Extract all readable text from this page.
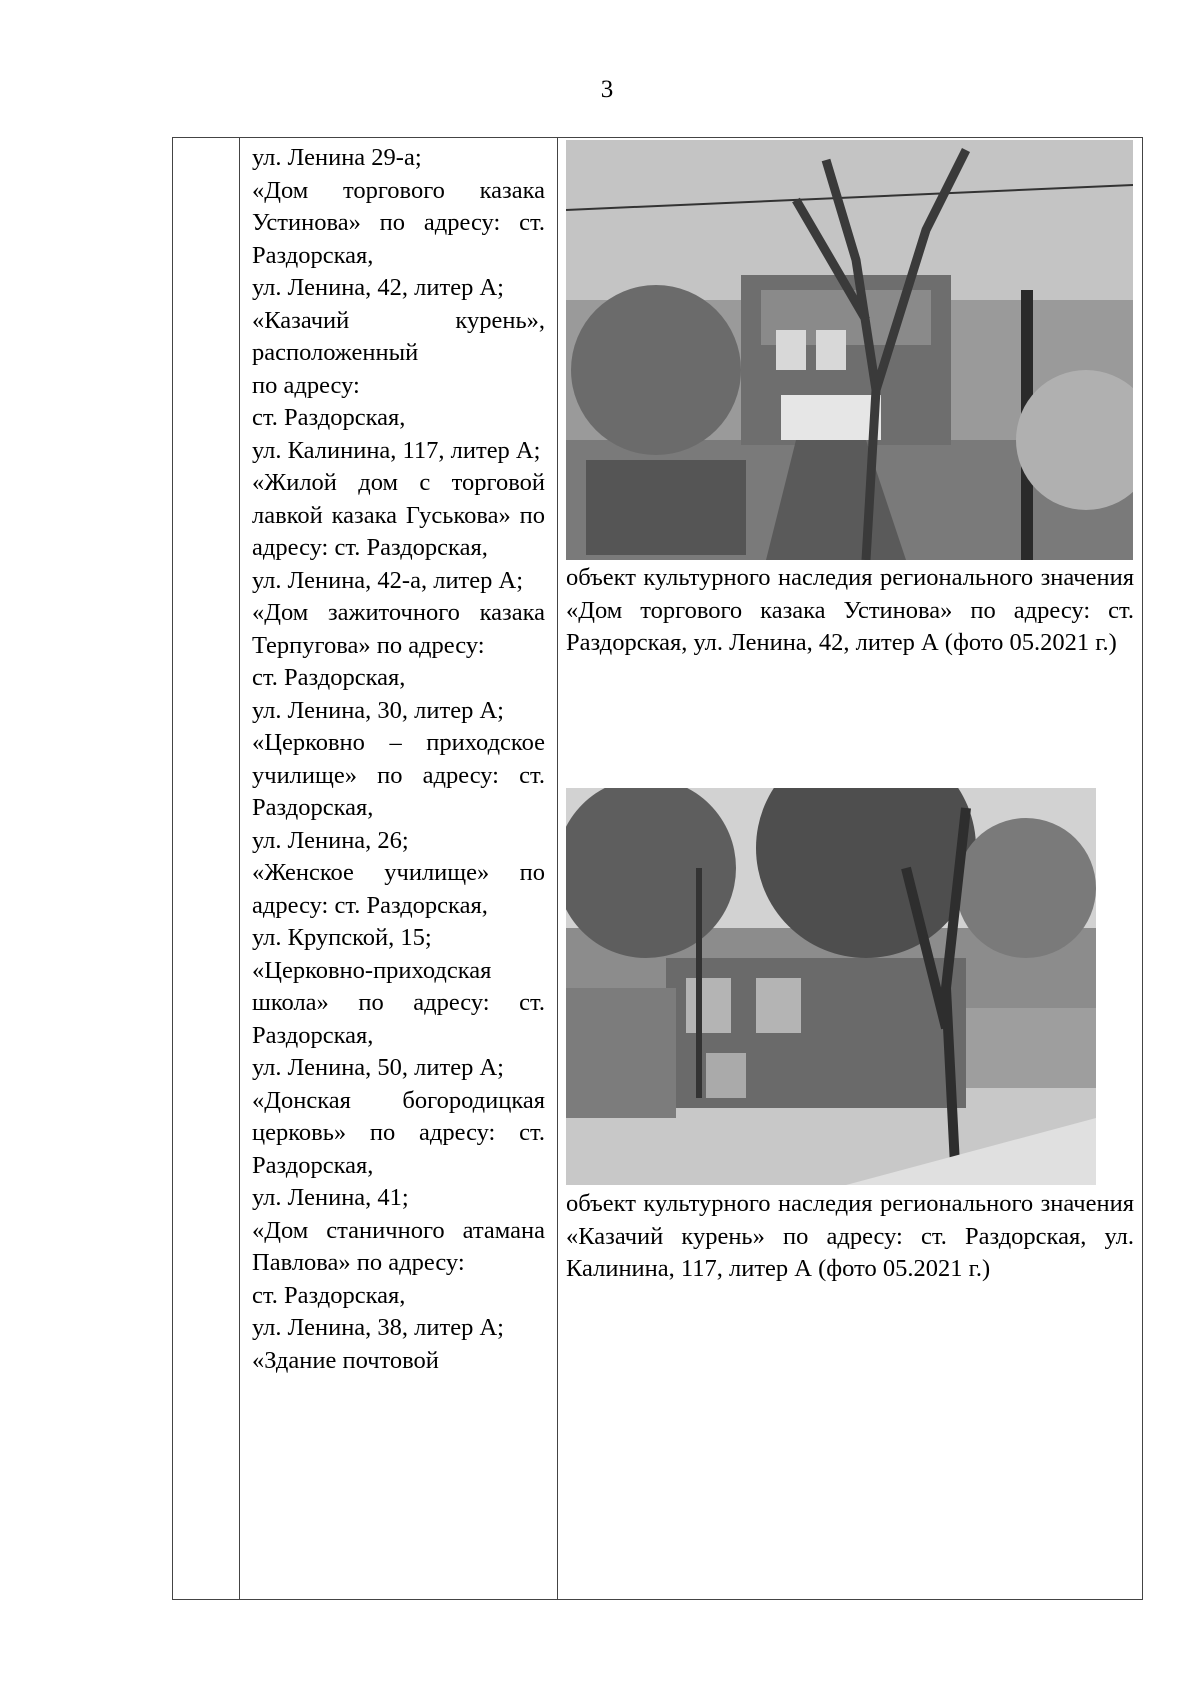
3

ул. Ленина 29-а;

«Дом торгового казака Устинова» по адресу: ст. Раздорская,

ул. Ленина, 42, литер А;

«Казачий курень», расположенный

по адресу:

ст. Раздорская,

ул. Калинина, 117, литер А;

«Жилой дом с торговой лавкой казака Гуськова» по адресу: ст. Раздорская,

ул. Ленина, 42-а, литер А;

«Дом зажиточного казака Терпугова» по адресу:

ст. Раздорская,

ул. Ленина, 30, литер А;

«Церковно – приходское училище» по адресу: ст. Раздорская,

ул. Ленина, 26;

«Женское училище» по адресу: ст. Раздорская,

ул. Крупской, 15;

«Церковно-приходская школа» по адресу: ст. Раздорская,

ул. Ленина, 50, литер А;

«Донская богородицкая церковь» по адресу: ст. Раздорская,

ул. Ленина, 41;

«Дом станичного атамана Павлова» по адресу:

ст. Раздорская,

ул. Ленина, 38, литер А;

«Здание почтовой

объект культурного наследия регионального значения «Дом торгового казака Устинова» по адресу: ст. Раздорская, ул. Ленина, 42, литер А (фото 05.2021 г.)
объект культурного наследия регионального значения «Казачий курень» по адресу: ст. Раздорская, ул. Калинина, 117, литер А (фото 05.2021 г.)
